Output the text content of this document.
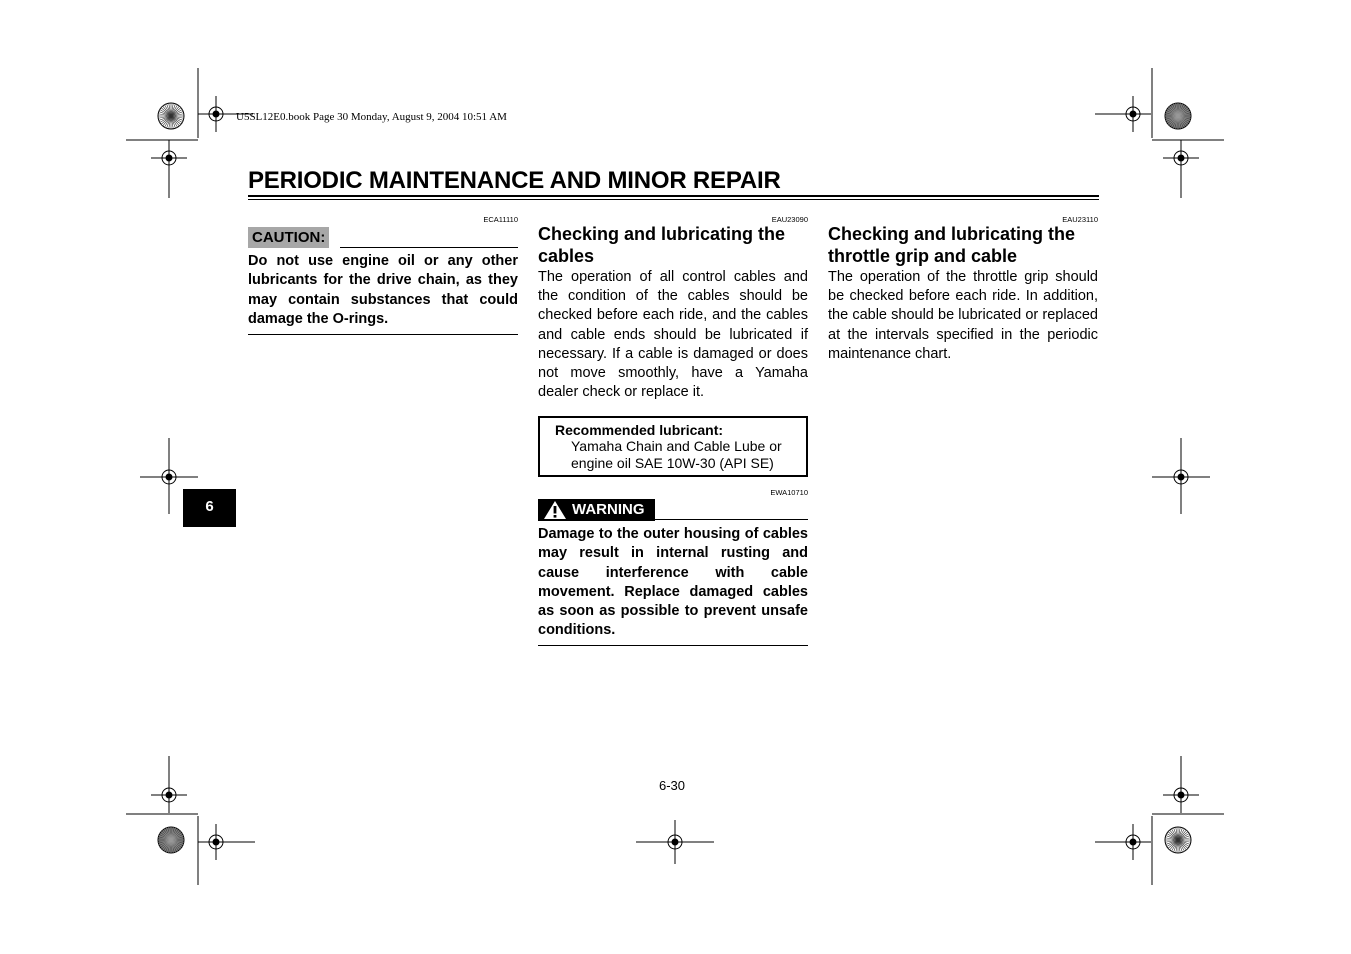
U5SL12E0.book Page 30 Monday, August 9, 2004 10:51 AM
PERIODIC MAINTENANCE AND MINOR REPAIR
ECA11110
CAUTION:
Do not use engine oil or any other lubricants for the drive chain, as they may contain substances that could damage the O-rings.
EAU23090
Checking and lubricating the
cables
The operation of all control cables and the condition of the cables should be checked before each ride, and the cables and cable ends should be lubricated if necessary. If a cable is damaged or does not move smoothly, have a Yamaha dealer check or replace it.
Recommended lubricant:
Yamaha Chain and Cable Lube or
engine oil SAE 10W-30 (API SE)
EWA10710
WARNING
Damage to the outer housing of cables may result in internal rusting and cause interference with cable movement. Replace damaged cables as soon as possible to prevent unsafe conditions.
EAU23110
Checking and lubricating the
throttle grip and cable
The operation of the throttle grip should be checked before each ride. In addition, the cable should be lubricated or replaced at the intervals specified in the periodic maintenance chart.
6
6-30
